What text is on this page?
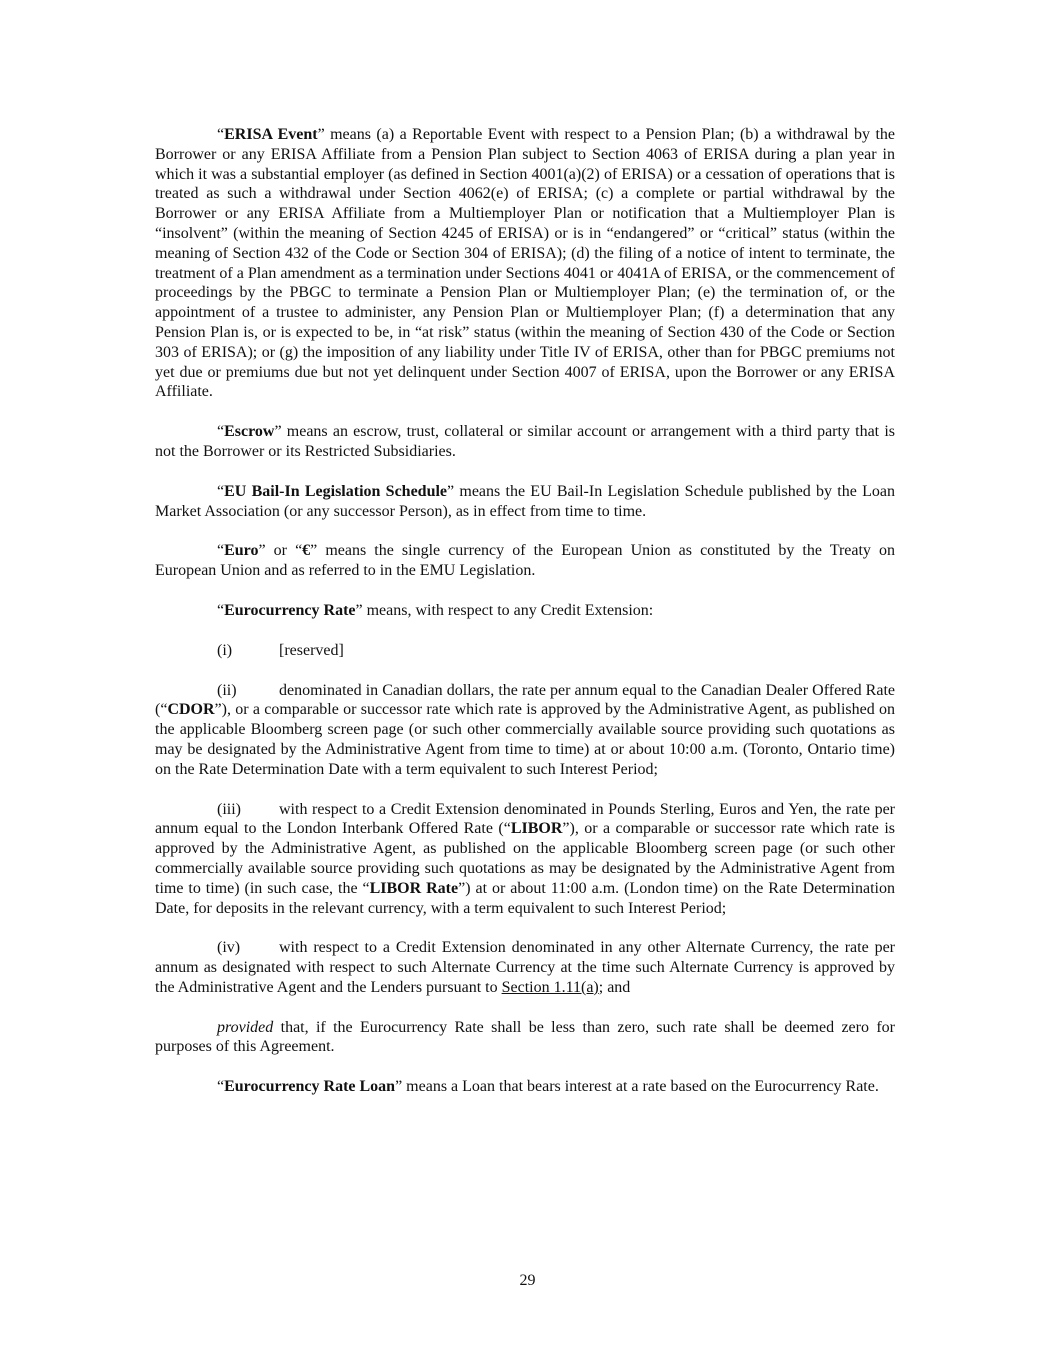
“ERISA Event” means (a) a Reportable Event with respect to a Pension Plan; (b) a withdrawal by the Borrower or any ERISA Affiliate from a Pension Plan subject to Section 4063 of ERISA during a plan year in which it was a substantial employer (as defined in Section 4001(a)(2) of ERISA) or a cessation of operations that is treated as such a withdrawal under Section 4062(e) of ERISA; (c) a complete or partial withdrawal by the Borrower or any ERISA Affiliate from a Multiemployer Plan or notification that a Multiemployer Plan is “insolvent” (within the meaning of Section 4245 of ERISA) or is in “endangered” or “critical” status (within the meaning of Section 432 of the Code or Section 304 of ERISA); (d) the filing of a notice of intent to terminate, the treatment of a Plan amendment as a termination under Sections 4041 or 4041A of ERISA, or the commencement of proceedings by the PBGC to terminate a Pension Plan or Multiemployer Plan; (e) the termination of, or the appointment of a trustee to administer, any Pension Plan or Multiemployer Plan; (f) a determination that any Pension Plan is, or is expected to be, in “at risk” status (within the meaning of Section 430 of the Code or Section 303 of ERISA); or (g) the imposition of any liability under Title IV of ERISA, other than for PBGC premiums not yet due or premiums due but not yet delinquent under Section 4007 of ERISA, upon the Borrower or any ERISA Affiliate.

“Escrow” means an escrow, trust, collateral or similar account or arrangement with a third party that is not the Borrower or its Restricted Subsidiaries.

“EU Bail-In Legislation Schedule” means the EU Bail-In Legislation Schedule published by the Loan Market Association (or any successor Person), as in effect from time to time.

“Euro” or “€” means the single currency of the European Union as constituted by the Treaty on European Union and as referred to in the EMU Legislation.

“Eurocurrency Rate” means, with respect to any Credit Extension:

(i)	[reserved]

(ii)	denominated in Canadian dollars, the rate per annum equal to the Canadian Dealer Offered Rate (“CDOR”), or a comparable or successor rate which rate is approved by the Administrative Agent, as published on the applicable Bloomberg screen page (or such other commercially available source providing such quotations as may be designated by the Administrative Agent from time to time) at or about 10:00 a.m. (Toronto, Ontario time) on the Rate Determination Date with a term equivalent to such Interest Period;

(iii) with respect to a Credit Extension denominated in Pounds Sterling, Euros and Yen, the rate per annum equal to the London Interbank Offered Rate (“LIBOR”), or a comparable or successor rate which rate is approved by the Administrative Agent, as published on the applicable Bloomberg screen page (or such other commercially available source providing such quotations as may be designated by the Administrative Agent from time to time) (in such case, the “LIBOR Rate”) at or about 11:00 a.m. (London time) on the Rate Determination Date, for deposits in the relevant currency, with a term equivalent to such Interest Period;

(iv) with respect to a Credit Extension denominated in any other Alternate Currency, the rate per annum as designated with respect to such Alternate Currency at the time such Alternate Currency is approved by the Administrative Agent and the Lenders pursuant to Section 1.11(a); and

provided that, if the Eurocurrency Rate shall be less than zero, such rate shall be deemed zero for purposes of this Agreement.

“Eurocurrency Rate Loan” means a Loan that bears interest at a rate based on the Eurocurrency Rate.

29
